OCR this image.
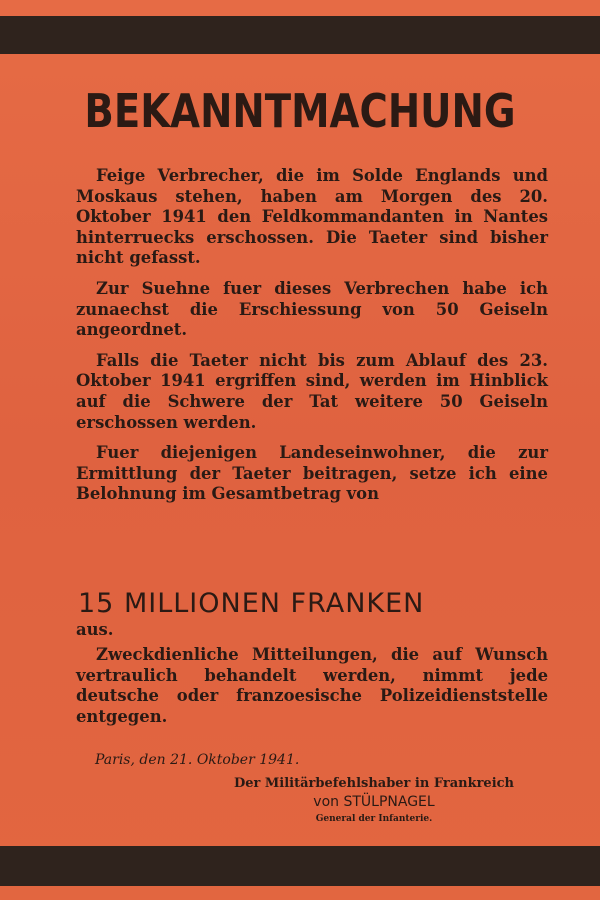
BEKANNTMACHUNG

Feige Verbrecher, die im Solde Englands und Moskaus stehen, haben am Morgen des 20. Oktober 1941 den Feldkommandanten in Nantes hinterruecks erschossen. Die Taeter sind bisher nicht gefasst.

Zur Suehne fuer dieses Verbrechen habe ich zunaechst die Erschiessung von 50 Geiseln angeordnet.

Falls die Taeter nicht bis zum Ablauf des 23. Oktober 1941 ergriffen sind, werden im Hinblick auf die Schwere der Tat weitere 50 Geiseln erschossen werden.

Fuer diejenigen Landeseinwohner, die zur Ermittlung der Taeter beitragen, setze ich eine Belohnung im Gesamtbetrag von

15 MILLIONEN FRANKEN
aus.

Zweckdienliche Mitteilungen, die auf Wunsch vertraulich behandelt werden, nimmt jede deutsche oder franzoesische Polizeidienststelle entgegen.

Paris, den 21. Oktober 1941.
Der Militärbefehlshaber in Frankreich
von STÜLPNAGEL
General der Infanterie.
